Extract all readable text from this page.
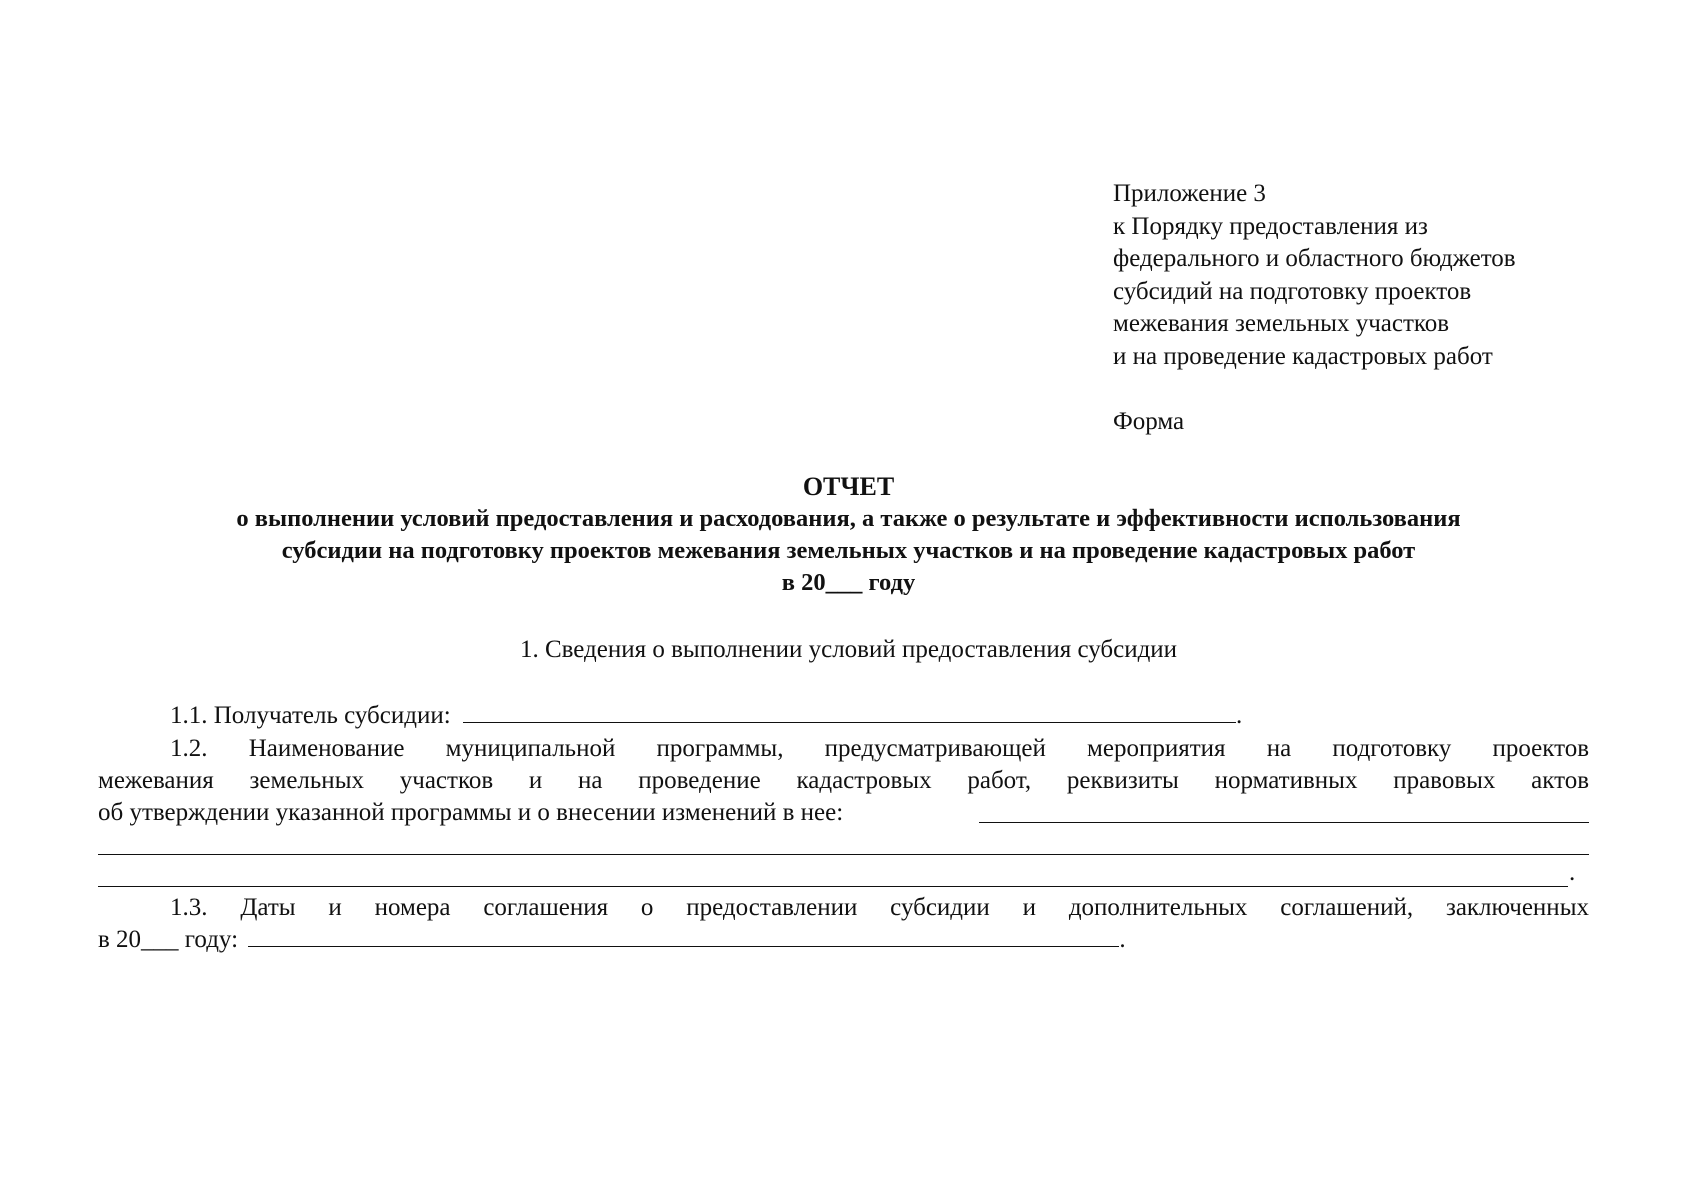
Приложение 3
к Порядку предоставления из
федерального и областного бюджетов
субсидий на подготовку проектов
межевания земельных участков
и на проведение кадастровых работ
Форма
ОТЧЕТ
о выполнении условий предоставления и расходования, а также о результате и эффективности использования
субсидии на подготовку проектов межевания земельных участков и на проведение кадастровых работ
в 20___ году
1. Сведения о выполнении условий предоставления субсидии
1.1. Получатель субсидии:	.
1.2. Наименование муниципальной программы, предусматривающей мероприятия на подготовку проектов
межевания земельных участков и на проведение кадастровых работ, реквизиты нормативных правовых актов
об утверждении указанной программы и о внесении изменений в нее:
.
1.3. Даты и номера соглашения о предоставлении субсидии и дополнительных соглашений, заключенных
в 20___ году:	.
